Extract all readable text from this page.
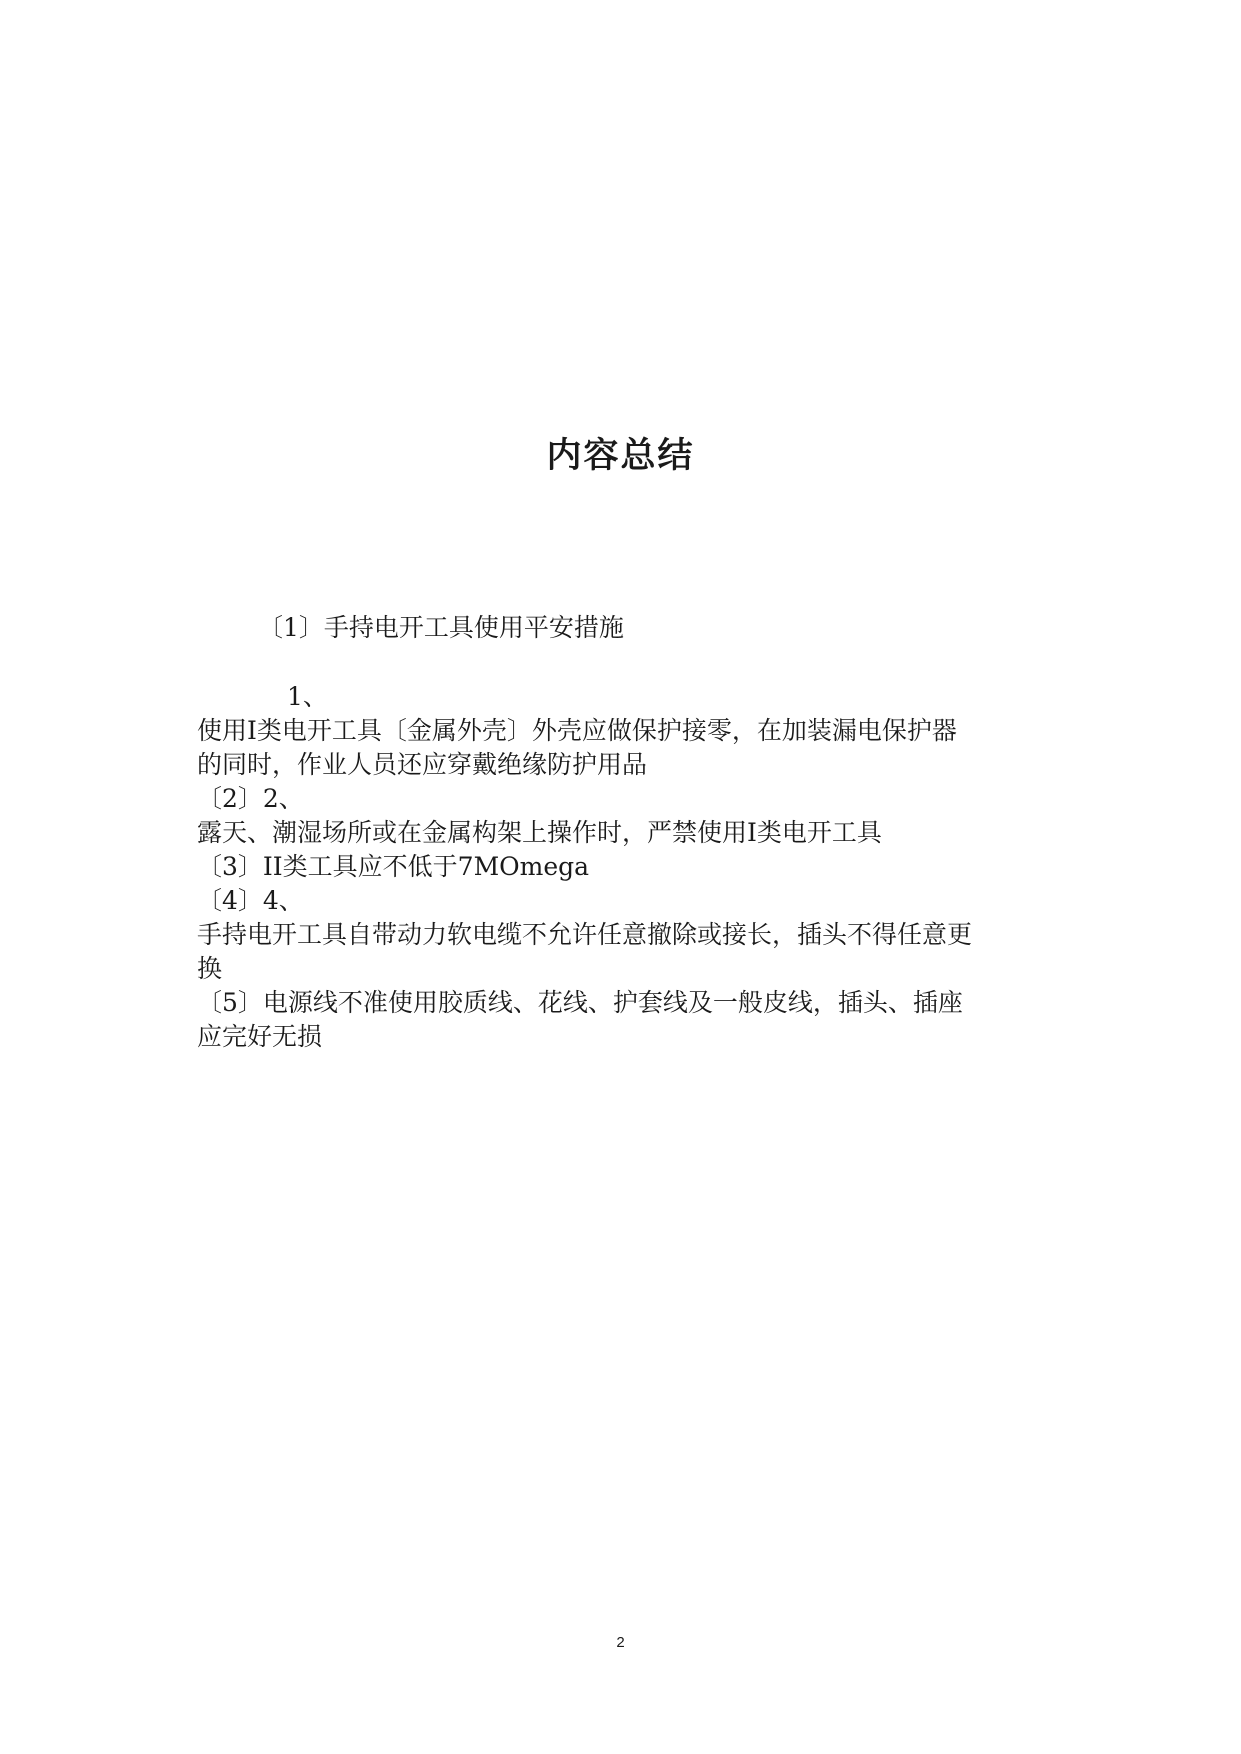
内容总结
〔1〕手持电开工具使用平安措施
1、
使用I类电开工具〔金属外壳〕外壳应做保护接零，在加装漏电保护器
的同时，作业人员还应穿戴绝缘防护用品
〔2〕2、
露天、潮湿场所或在金属构架上操作时，严禁使用I类电开工具
〔3〕II类工具应不低于7MOmega
〔4〕4、
手持电开工具自带动力软电缆不允许任意撤除或接长，插头不得任意更
换
〔5〕电源线不准使用胶质线、花线、护套线及一般皮线，插头、插座
应完好无损
2
